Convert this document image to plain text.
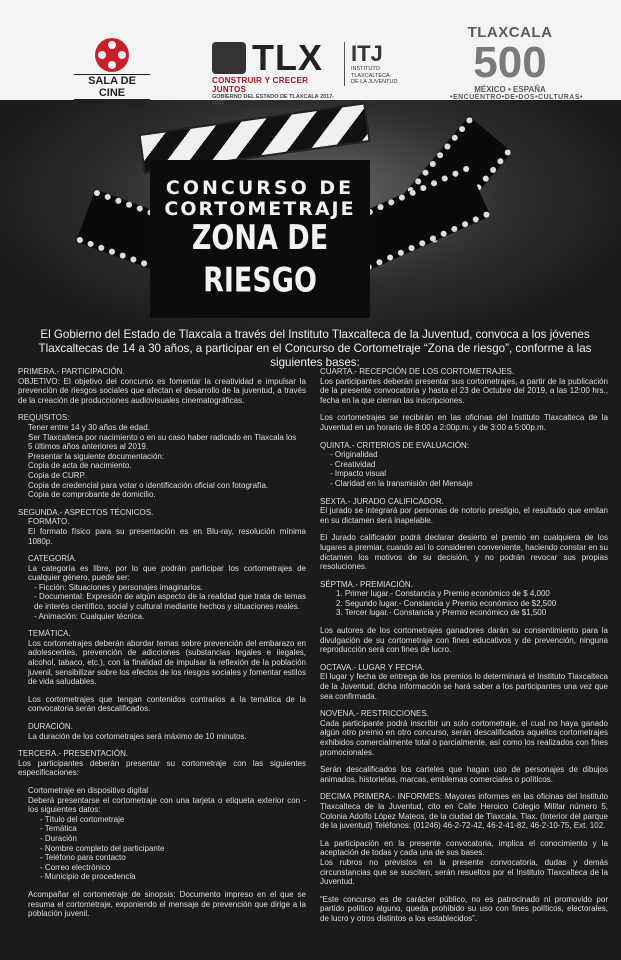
SALA DE CINE
Miguel N. Lira
TLX
CONSTRUIR Y CRECER JUNTOS
GOBIERNO DEL ESTADO DE TLAXCALA 2017-2021
ITJ
INSTITUTO
TLAXCALTECA
DE LA JUVENTUD
TLAXCALA
500
MÉXICO • ESPAÑA
•ENCUENTRO•DE•DOS•CULTURAS•
CONCURSO DE
CORTOMETRAJE
ZONA DE RIESGO
El Gobierno del Estado de Tlaxcala a través del Instituto Tlaxcalteca de la Juventud, convoca a los jóvenes Tlaxcaltecas de 14 a 30 años, a participar en el Concurso de Cortometraje “Zona de riesgo”, conforme a las siguientes bases:
PRIMERA.- PARTICIPACIÓN.
OBJETIVO: El objetivo del concurso es fomentar la creatividad e impulsar la prevención de riesgos sociales que afectan el desarrollo de la juventud, a través de la creación de producciones audiovisuales cinematográficas.
REQUISITOS:
Tener entre 14 y 30 años de edad.
Ser Tlaxcalteca por nacimiento o en su caso haber radicado en Tlaxcala los
5 últimos años anteriores al 2019.
Presentar la siguiente documentación:
Copia de acta de nacimiento.
Copia de CURP.
Copia de credencial para votar o identificación oficial con fotografía.
Copia de comprobante de domicilio.
SEGUNDA.- ASPECTOS TÉCNICOS.
FORMATO.
El formato físico para su presentación es en Blu-ray, resolución mínima 1080p.
CATEGORÍA.
La categoría es libre, por lo que podrán participar los cortometrajes de cualquier género, puede ser:
- Ficción: Situaciones y personajes imaginarios.
- Documental: Expresión de algún aspecto de la realidad que trata de temas de interés científico, social y cultural mediante hechos y situaciones reales.
- Animación: Cualquier técnica.
TEMÁTICA.
Los cortometrajes deberán abordar temas sobre prevención del embarazo en adolescentes, prevención de adicciones (substancias legales e ilegales, alcohol, tabaco, etc.), con la finalidad de impulsar la reflexión de la población juvenil, sensibilizar sobre los efectos de los riesgos sociales y fomentar estilos de vida saludables.
Los cortometrajes que tengan contenidos contrarios a la temática de la convocatoria serán descalificados.
DURACIÓN.
La duración de los cortometrajes será máximo de 10 minutos.
TERCERA.- PRESENTACIÓN.
Los participantes deberán presentar su cortometraje con las siguientes especificaciones:
Cortometraje en dispositivo digital
Deberá presentarse el cortometraje con una tarjeta o etiqueta exterior con - los siguientes datos:
- Título del cortometraje
- Temática
- Duración
- Nombre completo del participante
- Teléfono para contacto
- Correo electrónico
- Municipio de procedencia
Acompañar el cortometraje de sinopsis: Documento impreso en el que se resuma el cortometraje, exponiendo el mensaje de prevención que dirige a la población juvenil.
CUARTA.- RECEPCIÓN DE LOS CORTOMETRAJES.
Los participantes deberán presentar sus cortometrajes, a partir de la publicación de la presente convocatoria y hasta el 23 de Octubre del 2019, a las 12:00 hrs., fecha en la que cierran las inscripciones.
Los cortometrajes se recibirán en las oficinas del Instituto Tlaxcalteca de la Juventud en un horario de 8:00 a 2:00p.m. y de 3:00 a 5:00p.m.
QUINTA.- CRITERIOS DE EVALUACIÓN:
- Originalidad
- Creatividad
- Impacto visual
- Claridad en la transmisión del Mensaje
SEXTA.- JURADO CALIFICADOR.
El jurado se integrará por personas de notorio prestigio, el resultado que emitan en su dictamen será inapelable.
El Jurado calificador podrá declarar desierto el premio en cualquiera de los lugares a premiar, cuando así lo consideren conveniente, haciendo constar en su dictamen los motivos de su decisión, y no podrán revocar sus propias resoluciones.
SÉPTMA.- PREMIACIÓN.
1. Primer lugar.- Constancia y Premio económico de $ 4,000
2. Segundo lugar.- Constancia y Premio económico de $2,500
3. Tercer lugar.- Constancia y Premio económico de $1,500
Los autores de los cortometrajes ganadores darán su consentimiento para la divulgación de su cortometraje con fines educativos y de prevención, ninguna reproducción será con fines de lucro.
OCTAVA.- LUGAR Y FECHA.
El lugar y fecha de entrega de los premios lo determinará el Instituto Tlaxcalteca de la Juventud, dicha información se hará saber a los participantes una vez que sea confirmada.
NOVENA.- RESTRICCIONES.
Cada participante podrá inscribir un solo cortometraje, el cual no haya ganado algún otro premio en otro concurso, serán descalificados aquellos cortometrajes exhibidos comercialmente total o parcialmente, así como los realizados con fines promocionales.
Serán descalificados los carteles que hagan uso de personajes de dibujos animados, historietas, marcas, emblemas comerciales o políticos.
DECIMA PRIMERA.- INFORMES: Mayores informes en las oficinas del Instituto Tlaxcalteca de la Juventud, cito en Calle Heroico Colegio Militar número 5, Colonia Adolfo López Mateos, de la ciudad de Tlaxcala, Tlax. (Interior del parque de la juventud) Teléfonos: (01246) 46-2-72-42, 46-2-41-82, 46-2-10-75, Ext. 102.
La participación en la presente convocatoria, implica el conocimiento y la aceptación de todas y cada una de sus bases.
Los rubros no previstos en la presente convocatoria, dudas y demás circunstancias que se susciten, serán resueltos por el Instituto Tlaxcalteca de la Juventud.
“Este concurso es de carácter público, no es patrocinado ni promovido por partido político alguno, queda prohibido su uso con fines políticos, electorales, de lucro y otros distintos a los establecidos”.
